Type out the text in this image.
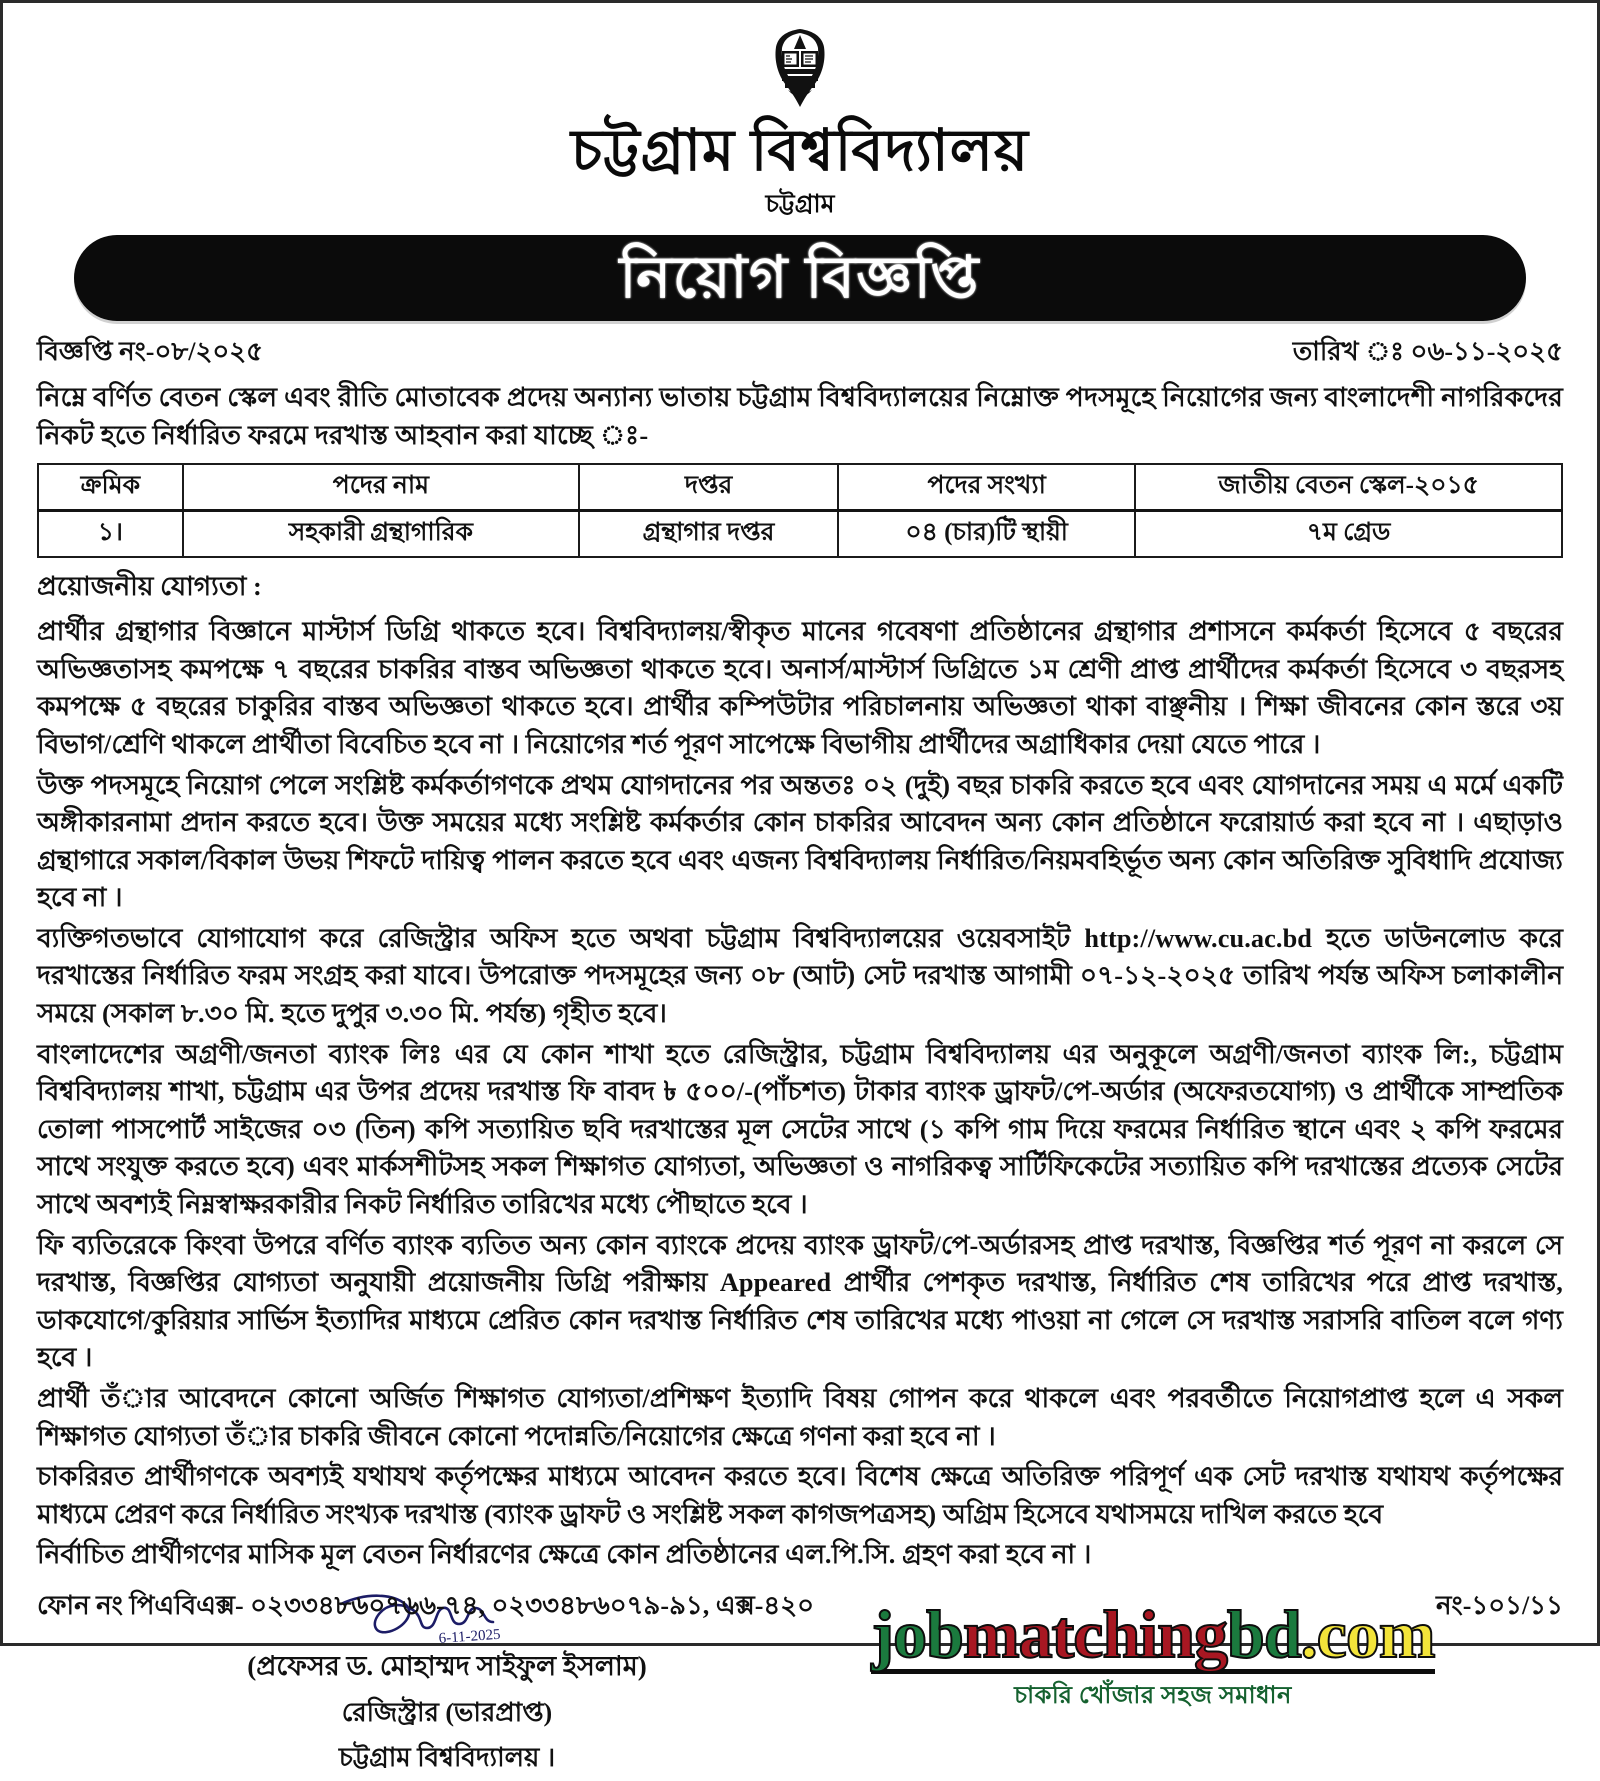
চট্টগ্রাম বিশ্ববিদ্যালয়
চট্টগ্রাম
নিয়োগ বিজ্ঞপ্তি
বিজ্ঞপ্তি নং-০৮/২০২৫	তারিখ ঃ ০৬-১১-২০২৫
নিম্নে বর্ণিত বেতন স্কেল এবং রীতি মোতাবেক প্রদেয় অন্যান্য ভাতায় চট্টগ্রাম বিশ্ববিদ্যালয়ের নিম্নোক্ত পদসমূহে নিয়োগের জন্য বাংলাদেশী নাগরিকদের নিকট হতে নির্ধারিত ফরমে দরখাস্ত আহবান করা যাচ্ছে ঃ-
ক্রমিক	পদের নাম	দপ্তর	পদের সংখ্যা	জাতীয় বেতন স্কেল-২০১৫
১।	সহকারী গ্রন্থাগারিক	গ্রন্থাগার দপ্তর	০৪ (চার)টি স্থায়ী	৭ম গ্রেড
প্রয়োজনীয় যোগ্যতা :
প্রার্থীর গ্রন্থাগার বিজ্ঞানে মাস্টার্স ডিগ্রি থাকতে হবে। বিশ্ববিদ্যালয়/স্বীকৃত মানের গবেষণা প্রতিষ্ঠানের গ্রন্থাগার প্রশাসনে কর্মকর্তা হিসেবে ৫ বছরের অভিজ্ঞতাসহ কমপক্ষে ৭ বছরের চাকরির বাস্তব অভিজ্ঞতা থাকতে হবে। অনার্স/মাস্টার্স ডিগ্রিতে ১ম শ্রেণী প্রাপ্ত প্রার্থীদের কর্মকর্তা হিসেবে ৩ বছরসহ কমপক্ষে ৫ বছরের চাকুরির বাস্তব অভিজ্ঞতা থাকতে হবে। প্রার্থীর কম্পিউটার পরিচালনায় অভিজ্ঞতা থাকা বাঞ্ছনীয় । শিক্ষা জীবনের কোন স্তরে ৩য় বিভাগ/শ্রেণি থাকলে প্রার্থীতা বিবেচিত হবে না । নিয়োগের শর্ত পূরণ সাপেক্ষে বিভাগীয় প্রার্থীদের অগ্রাধিকার দেয়া যেতে পারে ।
উক্ত পদসমূহে নিয়োগ পেলে সংশ্লিষ্ট কর্মকর্তাগণকে প্রথম যোগদানের পর অন্ততঃ ০২ (দুই) বছর চাকরি করতে হবে এবং যোগদানের সময় এ মর্মে একটি অঙ্গীকারনামা প্রদান করতে হবে। উক্ত সময়ের মধ্যে সংশ্লিষ্ট কর্মকর্তার কোন চাকরির আবেদন অন্য কোন প্রতিষ্ঠানে ফরোয়ার্ড করা হবে না । এছাড়াও গ্রন্থাগারে সকাল/বিকাল উভয় শিফটে দায়িত্ব পালন করতে হবে এবং এজন্য বিশ্ববিদ্যালয় নির্ধারিত/নিয়মবহির্ভূত অন্য কোন অতিরিক্ত সুবিধাদি প্রযোজ্য হবে না ।
ব্যক্তিগতভাবে যোগাযোগ করে রেজিস্ট্রার অফিস হতে অথবা চট্টগ্রাম বিশ্ববিদ্যালয়ের ওয়েবসাইট http://www.cu.ac.bd হতে ডাউনলোড করে দরখাস্তের নির্ধারিত ফরম সংগ্রহ করা যাবে। উপরোক্ত পদসমূহের জন্য ০৮ (আট) সেট দরখাস্ত আগামী ০৭-১২-২০২৫ তারিখ পর্যন্ত অফিস চলাকালীন সময়ে (সকাল ৮.৩০ মি. হতে দুপুর ৩.৩০ মি. পর্যন্ত) গৃহীত হবে।
বাংলাদেশের অগ্রণী/জনতা ব্যাংক লিঃ এর যে কোন শাখা হতে রেজিস্ট্রার, চট্টগ্রাম বিশ্ববিদ্যালয় এর অনুকূলে অগ্রণী/জনতা ব্যাংক লি:, চট্টগ্রাম বিশ্ববিদ্যালয় শাখা, চট্টগ্রাম এর উপর প্রদেয় দরখাস্ত ফি বাবদ ৳ ৫০০/-(পাঁচশত) টাকার ব্যাংক ড্রাফট/পে-অর্ডার (অফেরতযোগ্য) ও প্রার্থীকে সাম্প্রতিক তোলা পাসপোর্ট সাইজের ০৩ (তিন) কপি সত্যায়িত ছবি দরখাস্তের মূল সেটের সাথে (১ কপি গাম দিয়ে ফরমের নির্ধারিত স্থানে এবং ২ কপি ফরমের সাথে সংযুক্ত করতে হবে) এবং মার্কসশীটসহ সকল শিক্ষাগত যোগ্যতা, অভিজ্ঞতা ও নাগরিকত্ব সার্টিফিকেটের সত্যায়িত কপি দরখাস্তের প্রত্যেক সেটের সাথে অবশ্যই নিম্নস্বাক্ষরকারীর নিকট নির্ধারিত তারিখের মধ্যে পৌছাতে হবে ।
ফি ব্যতিরেকে কিংবা উপরে বর্ণিত ব্যাংক ব্যতিত অন্য কোন ব্যাংকে প্রদেয় ব্যাংক ড্রাফট/পে-অর্ডারসহ প্রাপ্ত দরখাস্ত, বিজ্ঞপ্তির শর্ত পূরণ না করলে সে দরখাস্ত, বিজ্ঞপ্তির যোগ্যতা অনুযায়ী প্রয়োজনীয় ডিগ্রি পরীক্ষায় Appeared প্রার্থীর পেশকৃত দরখাস্ত, নির্ধারিত শেষ তারিখের পরে প্রাপ্ত দরখাস্ত, ডাকযোগে/কুরিয়ার সার্ভিস ইত্যাদির মাধ্যমে প্রেরিত কোন দরখাস্ত নির্ধারিত শেষ তারিখের মধ্যে পাওয়া না গেলে সে দরখাস্ত সরাসরি বাতিল বলে গণ্য হবে ।
প্রার্থী তঁার আবেদনে কোনো অর্জিত শিক্ষাগত যোগ্যতা/প্রশিক্ষণ ইত্যাদি বিষয় গোপন করে থাকলে এবং পরবর্তীতে নিয়োগপ্রাপ্ত হলে এ সকল শিক্ষাগত যোগ্যতা তঁার চাকরি জীবনে কোনো পদোন্নতি/নিয়োগের ক্ষেত্রে গণনা করা হবে না ।
চাকরিরত প্রার্থীগণকে অবশ্যই যথাযথ কর্তৃপক্ষের মাধ্যমে আবেদন করতে হবে। বিশেষ ক্ষেত্রে অতিরিক্ত পরিপূর্ণ এক সেট দরখাস্ত যথাযথ কর্তৃপক্ষের মাধ্যমে প্রেরণ করে নির্ধারিত সংখ্যক দরখাস্ত (ব্যাংক ড্রাফট ও সংশ্লিষ্ট সকল কাগজপত্রসহ) অগ্রিম হিসেবে যথাসময়ে দাখিল করতে হবে
নির্বাচিত প্রার্থীগণের মাসিক মূল বেতন নির্ধারণের ক্ষেত্রে কোন প্রতিষ্ঠানের এল.পি.সি. গ্রহণ করা হবে না ।
6-11-2025
(প্রফেসর ড. মোহাম্মদ সাইফুল ইসলাম)
রেজিস্ট্রার (ভারপ্রাপ্ত)
চট্টগ্রাম বিশ্ববিদ্যালয় ।
jobmatchingbd.com
চাকরি খোঁজার সহজ সমাধান
ফোন নং পিএবিএক্স- ০২৩৩৪৮৬০৭৬৬-৭৪, ০২৩৩৪৮৬০৭৯-৯১, এক্স-৪২০	নং-১০১/১১
